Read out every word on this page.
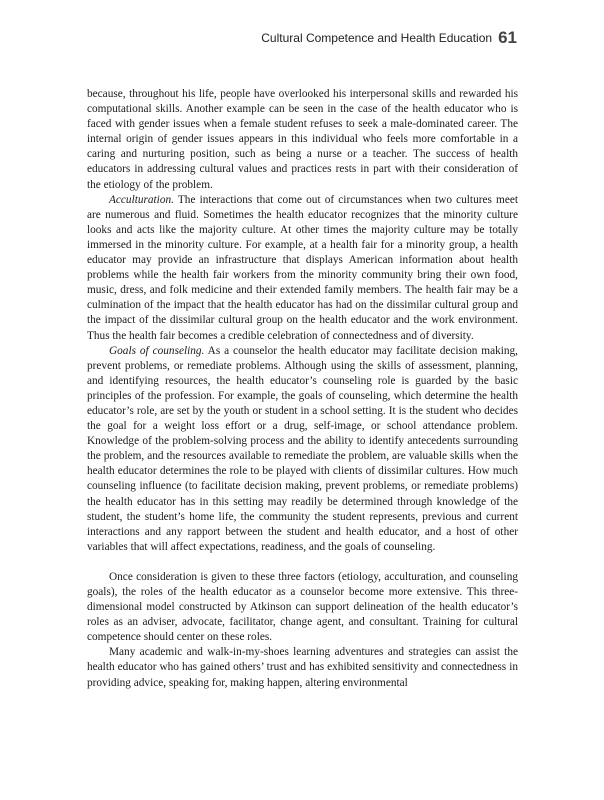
Cultural Competence and Health Education 61

because, throughout his life, people have overlooked his interpersonal skills and rewarded his computational skills. Another example can be seen in the case of the health educator who is faced with gender issues when a female student refuses to seek a male-dominated career. The internal origin of gender issues appears in this individual who feels more comfortable in a caring and nurturing position, such as being a nurse or a teacher. The success of health educators in addressing cultural values and practices rests in part with their consideration of the etiology of the problem.

Acculturation. The interactions that come out of circumstances when two cultures meet are numerous and fluid. Sometimes the health educator recognizes that the minority culture looks and acts like the majority culture. At other times the majority culture may be totally immersed in the minority culture. For example, at a health fair for a minority group, a health educator may provide an infrastructure that displays American information about health problems while the health fair workers from the minority community bring their own food, music, dress, and folk medicine and their extended family members. The health fair may be a culmination of the impact that the health educator has had on the dissimilar cultural group and the impact of the dissimilar cultural group on the health educator and the work environment. Thus the health fair becomes a credible celebration of connectedness and of diversity.

Goals of counseling. As a counselor the health educator may facilitate decision making, prevent problems, or remediate problems. Although using the skills of assessment, planning, and identifying resources, the health educator’s counseling role is guarded by the basic principles of the profession. For example, the goals of counseling, which determine the health educator’s role, are set by the youth or student in a school setting. It is the student who decides the goal for a weight loss effort or a drug, self-image, or school attendance problem. Knowledge of the problem-solving process and the ability to identify antecedents surrounding the problem, and the resources available to remediate the problem, are valuable skills when the health educator determines the role to be played with clients of dissimilar cultures. How much counseling influence (to facilitate decision making, prevent problems, or remediate problems) the health educator has in this setting may readily be determined through knowledge of the student, the student’s home life, the community the student represents, previous and current interactions and any rapport between the student and health educator, and a host of other variables that will affect expectations, readiness, and the goals of counseling.

Once consideration is given to these three factors (etiology, acculturation, and counseling goals), the roles of the health educator as a counselor become more extensive. This three-dimensional model constructed by Atkinson can support delineation of the health educator’s roles as an adviser, advocate, facilitator, change agent, and consultant. Training for cultural competence should center on these roles.

Many academic and walk-in-my-shoes learning adventures and strategies can assist the health educator who has gained others’ trust and has exhibited sensitivity and connectedness in providing advice, speaking for, making happen, altering environmental
